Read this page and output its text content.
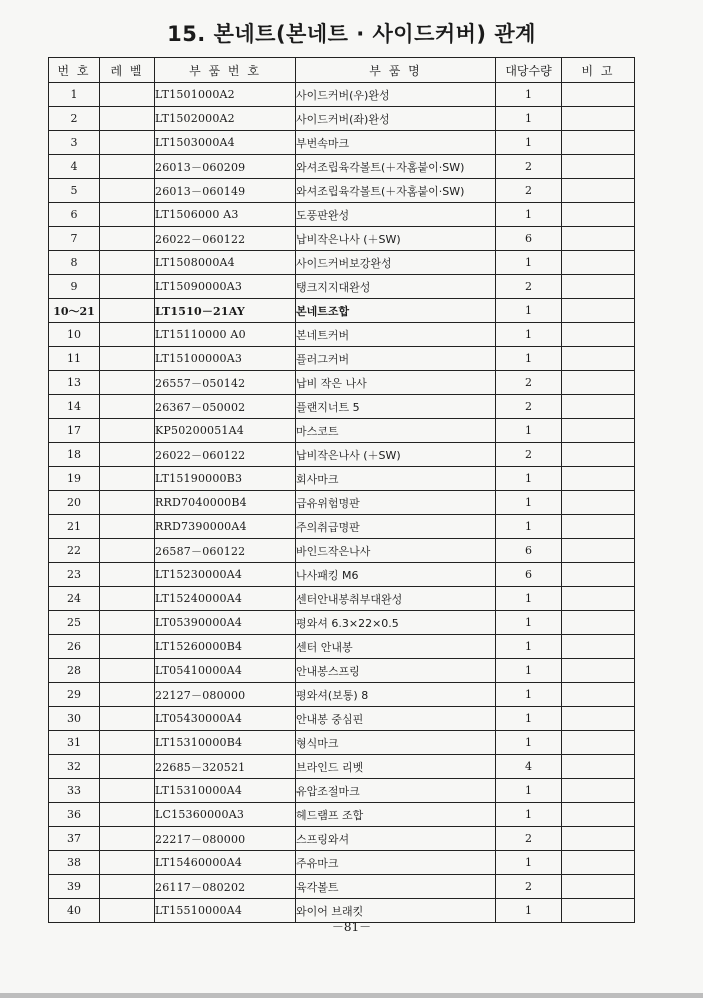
15. 본네트(본네트 · 사이드커버) 관계
번 호	레 벨	부 품 번 호	부 품 명	대당수량	비 고
1		LT1501000A2	사이드커버(우)완성	1	
2		LT1502000A2	사이드커버(좌)완성	1	
3		LT1503000A4	부번속마크	1	
4		26013－060209	와셔조립육각볼트(＋자홈붙이·SW)	2	
5		26013－060149	와셔조립육각볼트(＋자홈붙이·SW)	2	
6		LT1506000 A3	도풍판완성	1	
7		26022－060122	납비작은나사 (＋SW)	6	
8		LT1508000A4	사이드커버보강완성	1	
9		LT15090000A3	탱크지지대완성	2	
10～21		LT1510－21AY	본네트조합	1	
10		LT15110000 A0	본네트커버	1	
11		LT15100000A3	플러그커버	1	
13		26557－050142	납비 작은 나사	2	
14		26367－050002	플랜지너트 5	2	
17		KP50200051A4	마스코트	1	
18		26022－060122	납비작은나사 (＋SW)	2	
19		LT15190000B3	회사마크	1	
20		RRD7040000B4	급유위험명판	1	
21		RRD7390000A4	주의취급명판	1	
22		26587－060122	바인드작은나사	6	
23		LT15230000A4	나사패킹 M6	6	
24		LT15240000A4	센터안내봉취부대완성	1	
25		LT05390000A4	평와셔 6.3×22×0.5	1	
26		LT15260000B4	센터 안내봉	1	
28		LT05410000A4	안내봉스프링	1	
29		22127－080000	평와셔(보통) 8	1	
30		LT05430000A4	안내봉 중심핀	1	
31		LT15310000B4	형식마크	1	
32		22685－320521	브라인드 리벳	4	
33		LT15310000A4	유압조절마크	1	
36		LC15360000A3	헤드램프 조합	1	
37		22217－080000	스프링와셔	2	
38		LT15460000A4	주유마크	1	
39		26117－080202	육각볼트	2	
40		LT15510000A4	와이어 브래킷	1	
－81－
